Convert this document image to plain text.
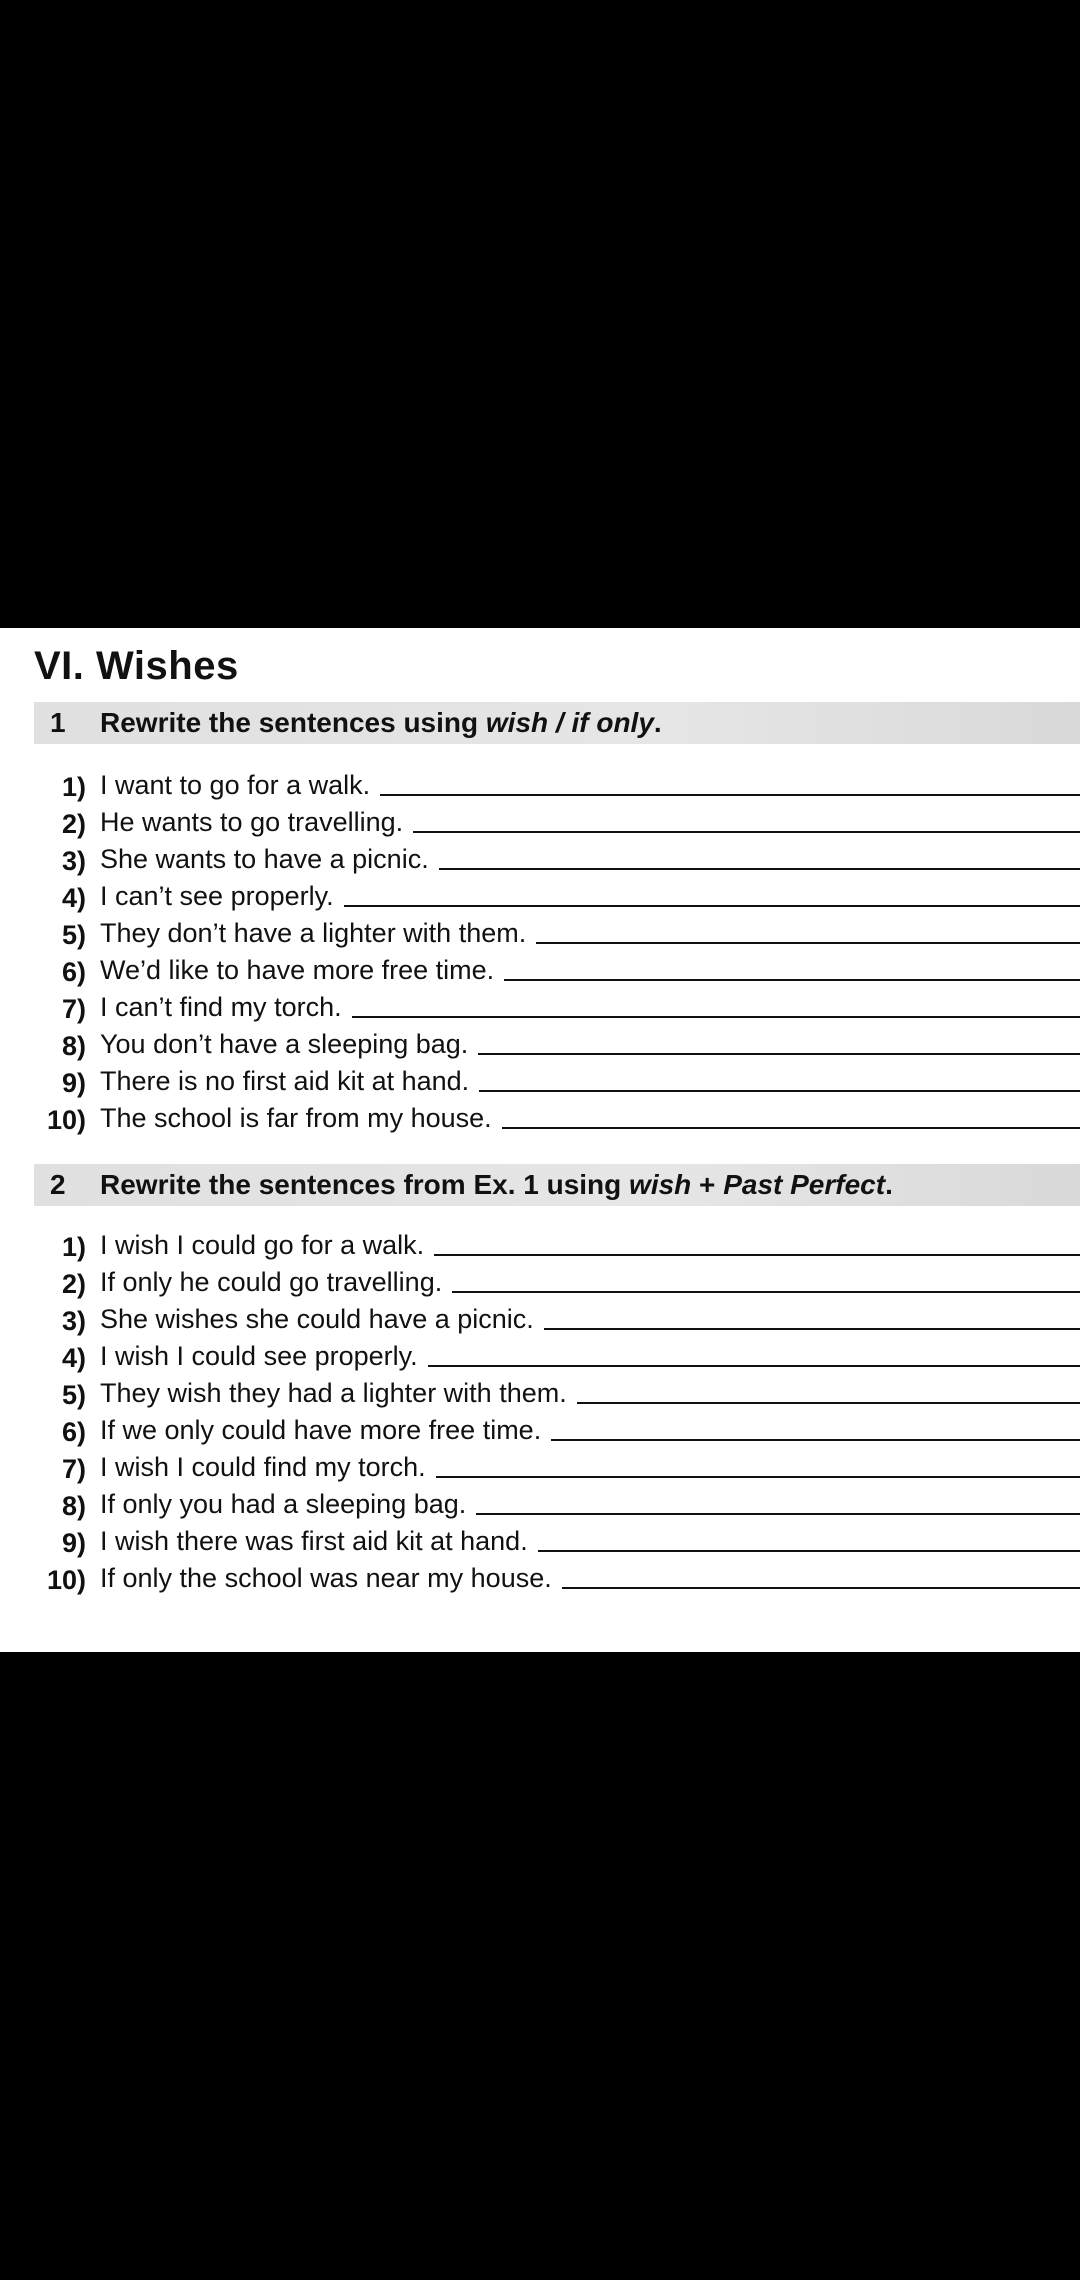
VI. Wishes
1	Rewrite the sentences using wish / if only.
1) I want to go for a walk.
2) He wants to go travelling.
3) She wants to have a picnic.
4) I can’t see properly.
5) They don’t have a lighter with them.
6) We’d like to have more free time.
7) I can’t find my torch.
8) You don’t have a sleeping bag.
9) There is no first aid kit at hand.
10) The school is far from my house.
2	Rewrite the sentences from Ex. 1 using wish + Past Perfect.
1) I wish I could go for a walk.
2) If only he could go travelling.
3) She wishes she could have a picnic.
4) I wish I could see properly.
5) They wish they had a lighter with them.
6) If we only could have more free time.
7) I wish I could find my torch.
8) If only you had a sleeping bag.
9) I wish there was first aid kit at hand.
10) If only the school was near my house.
